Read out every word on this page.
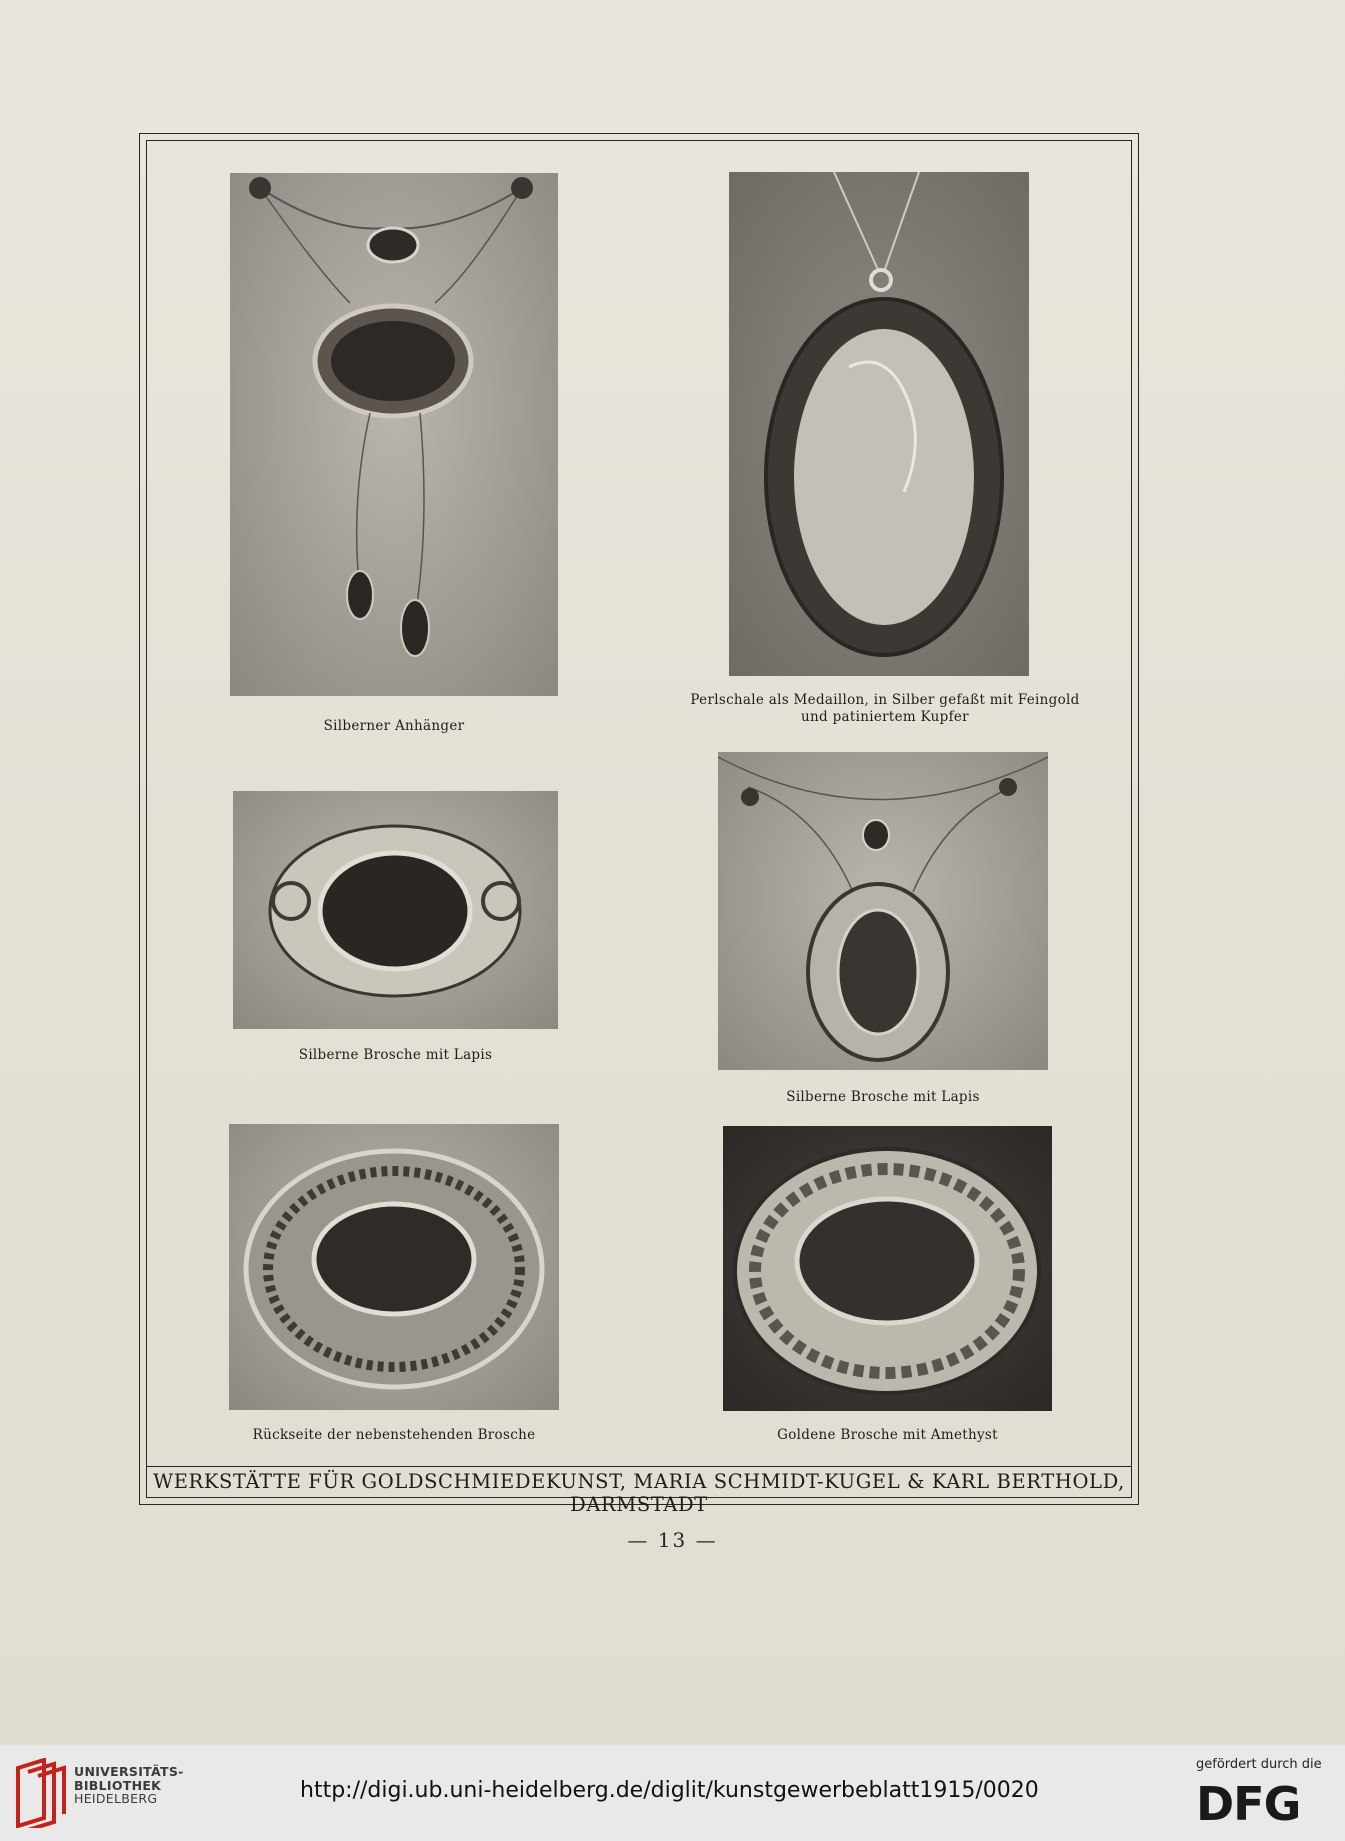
Silberner Anhänger
Perlschale als Medaillon, in Silber gefaßt mit Feingold
und patiniertem Kupfer
Silberne Brosche mit Lapis
Silberne Brosche mit Lapis
Rückseite der nebenstehenden Brosche	Goldene Brosche mit Amethyst
WERKSTÄTTE FÜR GOLDSCHMIEDEKUNST, MARIA SCHMIDT-KUGEL & KARL BERTHOLD, DARMSTADT
— 13 —
UNIVERSITÄTS-
BIBLIOTHEK
HEIDELBERG	http://digi.ub.uni-heidelberg.de/diglit/kunstgewerbeblatt1915/0020
gefördert durch die
DFG
